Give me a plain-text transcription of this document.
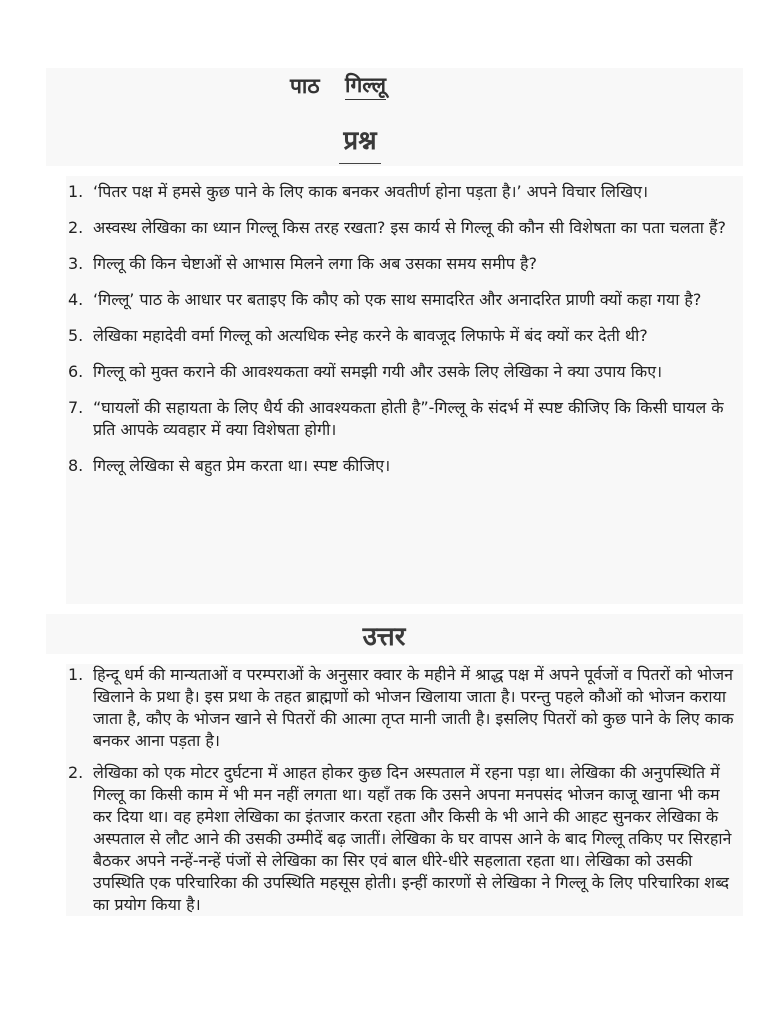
पाठ गिल्लू
प्रश्न
1. ‘पितर पक्ष में हमसे कुछ पाने के लिए काक बनकर अवतीर्ण होना पड़ता है।’ अपने विचार लिखिए।
2. अस्वस्थ लेखिका का ध्यान गिल्लू किस तरह रखता? इस कार्य से गिल्लू की कौन सी विशेषता का पता चलता हैं?
3. गिल्लू की किन चेष्टाओं से आभास मिलने लगा कि अब उसका समय समीप है?
4. ‘गिल्लू’ पाठ के आधार पर बताइए कि कौए को एक साथ समादरित और अनादरित प्राणी क्यों कहा गया है?
5. लेखिका महादेवी वर्मा गिल्लू को अत्यधिक स्नेह करने के बावजूद लिफाफे में बंद क्यों कर देती थी?
6. गिल्लू को मुक्त कराने की आवश्यकता क्यों समझी गयी और उसके लिए लेखिका ने क्या उपाय किए।
7. “घायलों की सहायता के लिए धैर्य की आवश्यकता होती है”-गिल्लू के संदर्भ में स्पष्ट कीजिए कि किसी घायल के प्रति आपके व्यवहार में क्या विशेषता होगी।
8. गिल्लू लेखिका से बहुत प्रेम करता था। स्पष्ट कीजिए।
उत्तर
1. हिन्दू धर्म की मान्यताओं व परम्पराओं के अनुसार क्वार के महीने में श्राद्ध पक्ष में अपने पूर्वजों व पितरों को भोजन खिलाने के प्रथा है। इस प्रथा के तहत ब्राह्मणों को भोजन खिलाया जाता है। परन्तु पहले कौओं को भोजन कराया जाता है, कौए के भोजन खाने से पितरों की आत्मा तृप्त मानी जाती है। इसलिए पितरों को कुछ पाने के लिए काक बनकर आना पड़ता है।
2. लेखिका को एक मोटर दुर्घटना में आहत होकर कुछ दिन अस्पताल में रहना पड़ा था। लेखिका की अनुपस्थिति में गिल्लू का किसी काम में भी मन नहीं लगता था। यहाँ तक कि उसने अपना मनपसंद भोजन काजू खाना भी कम कर दिया था। वह हमेशा लेखिका का इंतजार करता रहता और किसी के भी आने की आहट सुनकर लेखिका के अस्पताल से लौट आने की उसकी उम्मीदें बढ़ जातीं। लेखिका के घर वापस आने के बाद गिल्लू तकिए पर सिरहाने बैठकर अपने नन्हें-नन्हें पंजों से लेखिका का सिर एवं बाल धीरे-धीरे सहलाता रहता था। लेखिका को उसकी उपस्थिति एक परिचारिका की उपस्थिति महसूस होती। इन्हीं कारणों से लेखिका ने गिल्लू के लिए परिचारिका शब्द का प्रयोग किया है।
